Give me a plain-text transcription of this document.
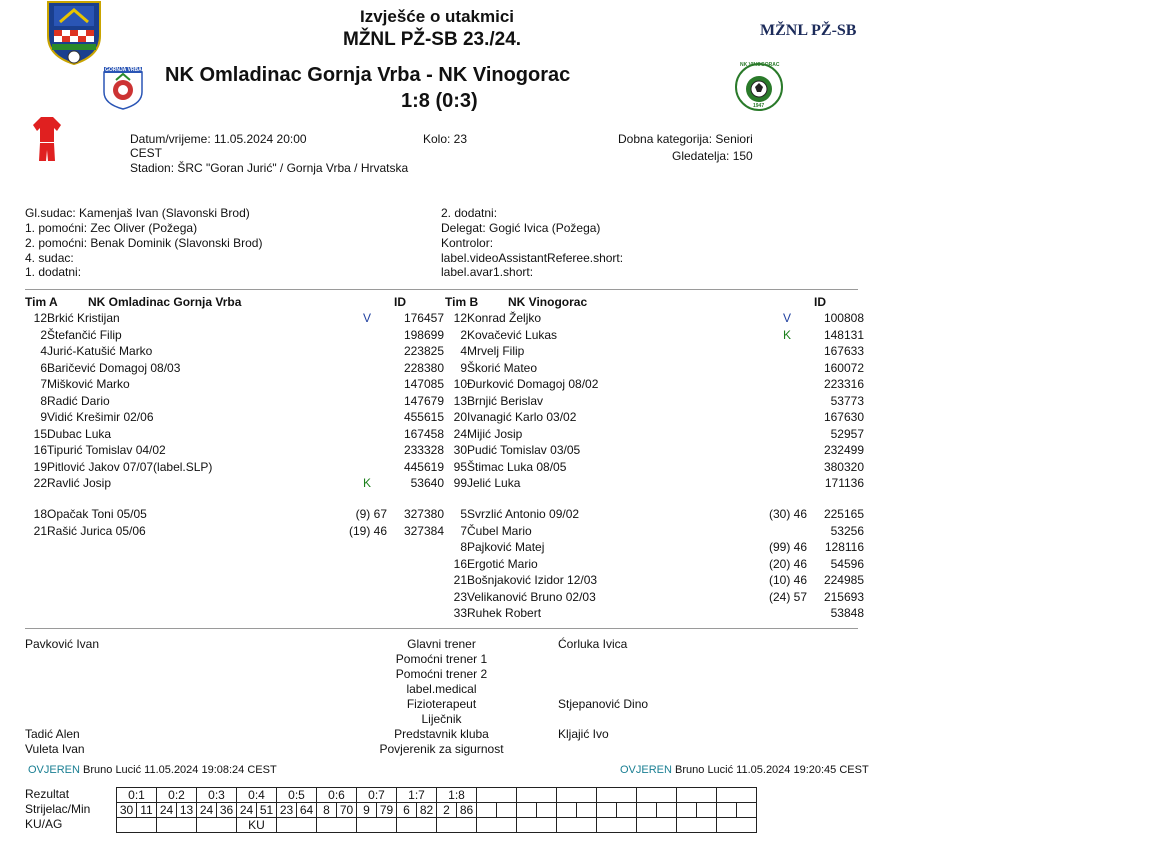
Izvješće o utakmici
MŽNL PŽ-SB 23./24.	MŽNL PŽ-SB
GORNJA VRBA NK Omladinac Gornja Vrba - NK Vinogorac
1:8 (0:3)
NK VINOGORAC
1947
Datum/vrijeme: 11.05.2024 20:00
CEST
Stadion: ŠRC "Goran Jurić" / Gornja Vrba / Hrvatska
Kolo: 23	Dobna kategorija: Seniori
Gledatelja: 150
Gl.sudac: Kamenjaš Ivan (Slavonski Brod)
1. pomoćni: Zec Oliver (Požega)
2. pomoćni: Benak Dominik (Slavonski Brod)
4. sudac:
1. dodatni:
2. dodatni:
Delegat: Gogić Ivica (Požega)
Kontrolor:
label.videoAssistantReferee.short:
label.avar1.short:
Tim A	NK Omladinac Gornja Vrba	ID	Tim B NK Vinogorac	ID
12	Brkić Kristijan	V	176457
2	Štefančić Filip		198699
4	Jurić-Katušić Marko		223825
6	Baričević Domagoj 08/03		228380
7	Mišković Marko		147085
8	Radić Dario		147679
9	Vidić Krešimir 02/06		455615
15	Dubac Luka		167458
16	Tipurić Tomislav 04/02		233328
19	Pitlović Jakov 07/07(label.SLP)		445619
22	Ravlić Josip	K	53640
18	Opačak Toni 05/05	(9) 67	327380
21	Rašić Jurica 05/06	(19) 46	327384
12	Konrad Željko	V	100808
2	Kovačević Lukas	K	148131
4	Mrvelj Filip		167633
9	Škorić Mateo		160072
10	Đurković Domagoj 08/02		223316
13	Brnjić Berislav		53773
20	Ivanagić Karlo 03/02		167630
24	Mijić Josip		52957
30	Pudić Tomislav 03/05		232499
95	Štimac Luka 08/05		380320
99	Jelić Luka		171136
5	Svrzlić Antonio 09/02	(30) 46	225165
7	Čubel Mario		53256
8	Pajković Matej	(99) 46	128116
16	Ergotić Mario	(20) 46	54596
21	Bošnjaković Izidor 12/03	(10) 46	224985
23	Velikanović Bruno 02/03	(24) 57	215693
33	Ruhek Robert		53848
Glavni trener
Pavković Ivan	Ćorluka Ivica
Pomoćni trener 1
Pomoćni trener 2
label.medical
Fizioterapeut	Stjepanović Dino
Liječnik
Predstavnik kluba
Tadić Alen	Kljajić Ivo
Povjerenik za sigurnost
Vuleta Ivan
OVJEREN Bruno Lucić 11.05.2024 19:08:24 CEST	OVJEREN Bruno Lucić 11.05.2024 19:20:45 CEST
Rezultat
Strijelac/Min
KU/AG
0:1		0:2		0:3		0:4		0:5		0:6		0:7		1:7		1:8															
30	11	24	13	24	36	24	51	23	64	8	70	9	79	6	82	2	86														
						KU																									
